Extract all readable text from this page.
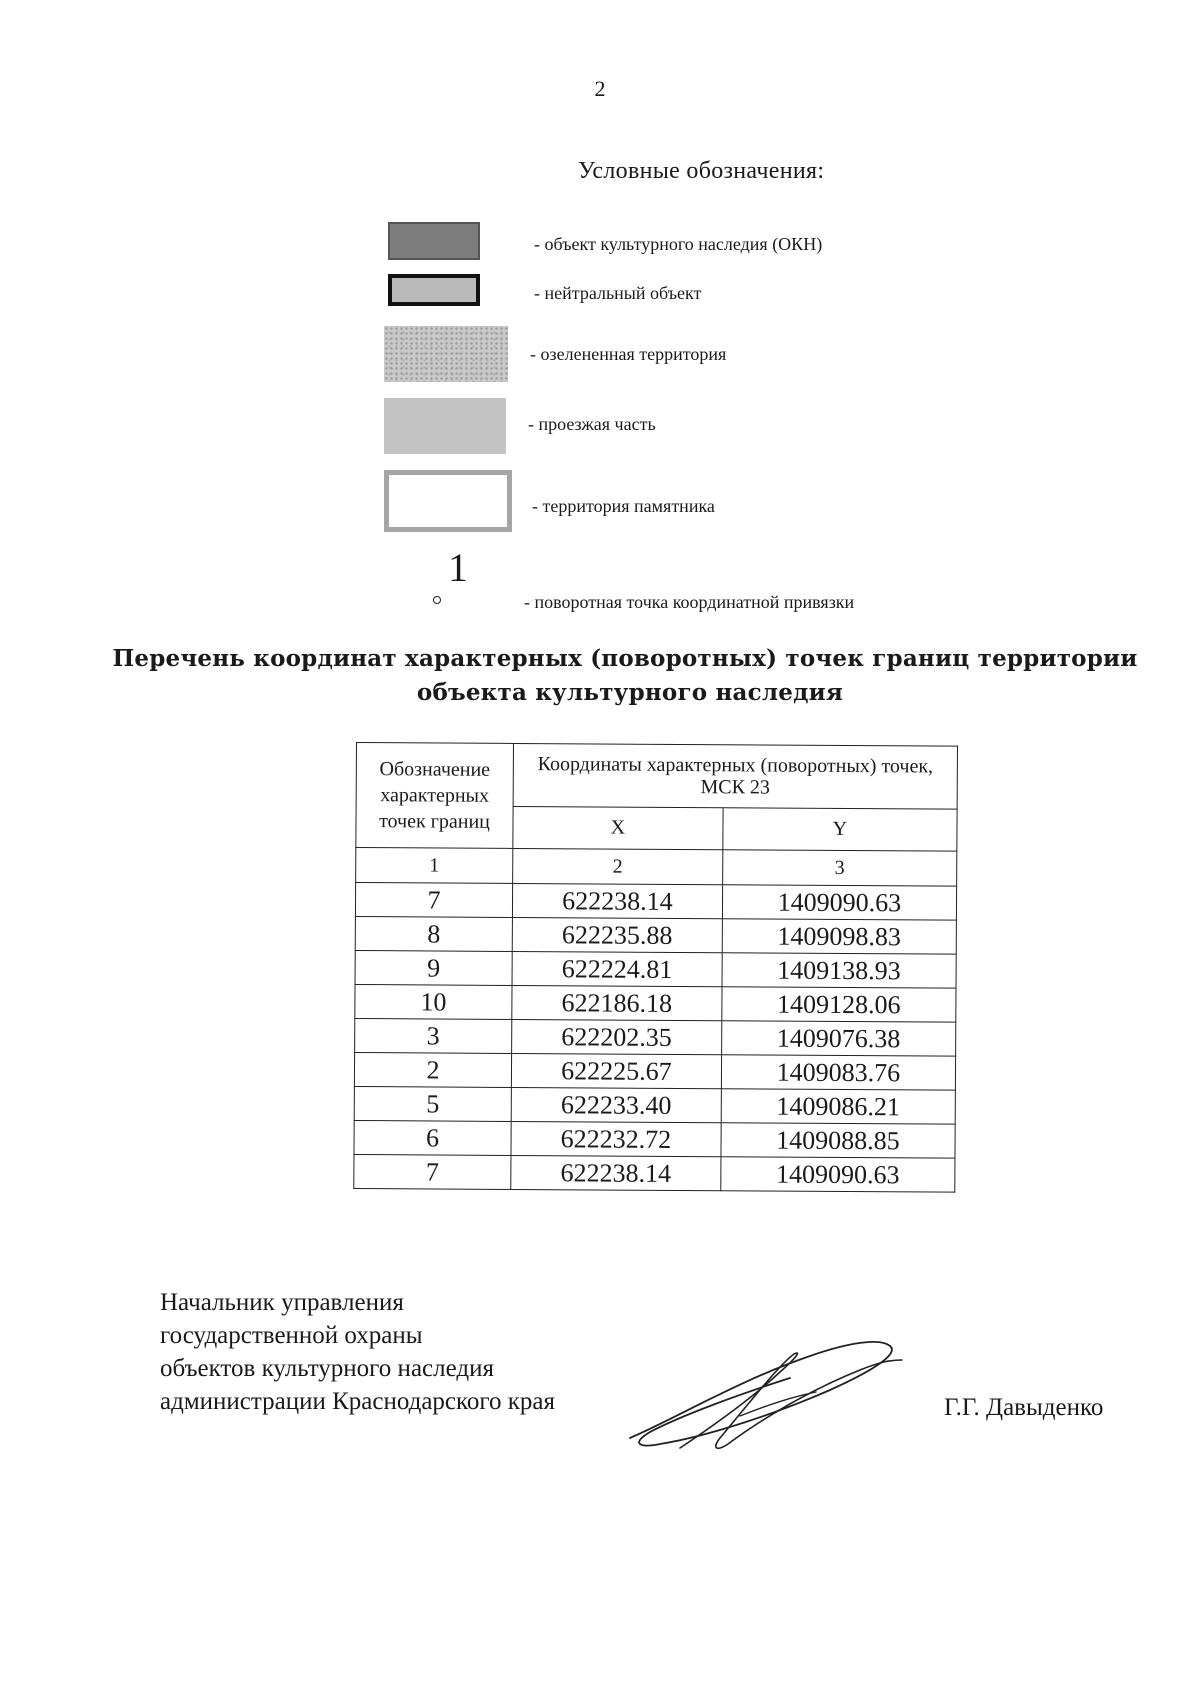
2
Условные обозначения:
- объект культурного наследия (ОКН)
- нейтральный объект
- озелененная территория
- проезжая часть
- территория памятника
1
- поворотная точка координатной привязки
Перечень координат характерных (поворотных) точек границ территории
объекта культурного наследия
Обозначение характерных точек границ	Координаты характерных (поворотных) точек, МСК 23	
	X	Y
1	2	3
7	622238.14	1409090.63
8	622235.88	1409098.83
9	622224.81	1409138.93
10	622186.18	1409128.06
3	622202.35	1409076.38
2	622225.67	1409083.76
5	622233.40	1409086.21
6	622232.72	1409088.85
7	622238.14	1409090.63
Начальник управления
государственной охраны
объектов культурного наследия
администрации Краснодарского края	Г.Г. Давыденко
